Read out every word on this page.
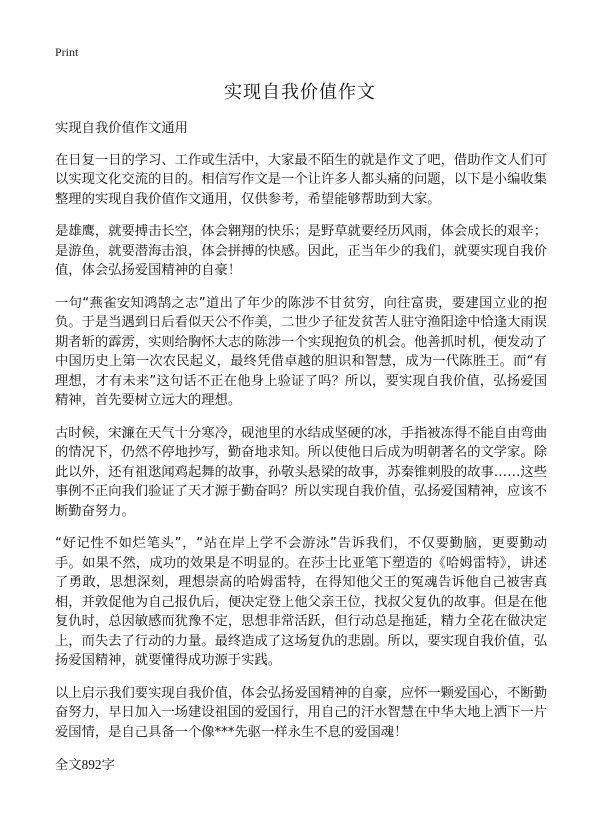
Print
实现自我价值作文

实现自我价值作文通用

在日复一日的学习、工作或生活中，大家最不陌生的就是作文了吧，借助作文人们可以实现文化交流的目的。相信写作文是一个让许多人都头痛的问题，以下是小编收集整理的实现自我价值作文通用，仅供参考，希望能够帮助到大家。

是雄鹰，就要搏击长空，体会翱翔的快乐；是野草就要经历风雨，体会成长的艰辛；是游鱼，就要潜海击浪，体会拼搏的快感。因此，正当年少的我们，就要实现自我价值，体会弘扬爱国精神的自豪！

一句“燕雀安知鸿鹄之志”道出了年少的陈涉不甘贫穷，向往富贵，要建国立业的抱负。于是当遇到日后看似天公不作美，二世少子征发贫苦人驻守渔阳途中恰逢大雨误期者斩的霹雳，实则给胸怀大志的陈涉一个实现抱负的机会。他善抓时机，便发动了中国历史上第一次农民起义，最终凭借卓越的胆识和智慧，成为一代陈胜王。而“有理想，才有未来”这句话不正在他身上验证了吗？所以，要实现自我价值，弘扬爱国精神，首先要树立远大的理想。

古时候，宋濂在天气十分寒冷，砚池里的水结成坚硬的冰，手指被冻得不能自由弯曲的情况下，仍然不停地抄写，勤奋地求知。所以使他日后成为明朝著名的文学家。除此以外，还有祖逖闻鸡起舞的故事，孙敬头悬梁的故事，苏秦锥刺股的故事……这些事例不正向我们验证了天才源于勤奋吗？所以实现自我价值，弘扬爱国精神，应该不断勤奋努力。

“好记性不如烂笔头”，“站在岸上学不会游泳”告诉我们，不仅要勤脑，更要勤动手。如果不然，成功的效果是不明显的。在莎士比亚笔下塑造的《哈姆雷特》，讲述了勇敢，思想深刻，理想崇高的哈姆雷特，在得知他父王的冤魂告诉他自己被害真相，并敦促他为自己报仇后，便决定登上他父亲王位，找叔父复仇的故事。但是在他复仇时，总因敏感而犹豫不定，思想非常活跃，但行动总是拖延，精力全花在做决定上，而失去了行动的力量。最终造成了这场复仇的悲剧。所以，要实现自我价值，弘扬爱国精神，就要懂得成功源于实践。

以上启示我们要实现自我价值，体会弘扬爱国精神的自豪，应怀一颗爱国心，不断勤奋努力，早日加入一场建设祖国的爱国行，用自己的汗水智慧在中华大地上洒下一片爱国情，是自己具备一个像***先驱一样永生不息的爱国魂！

全文892字
